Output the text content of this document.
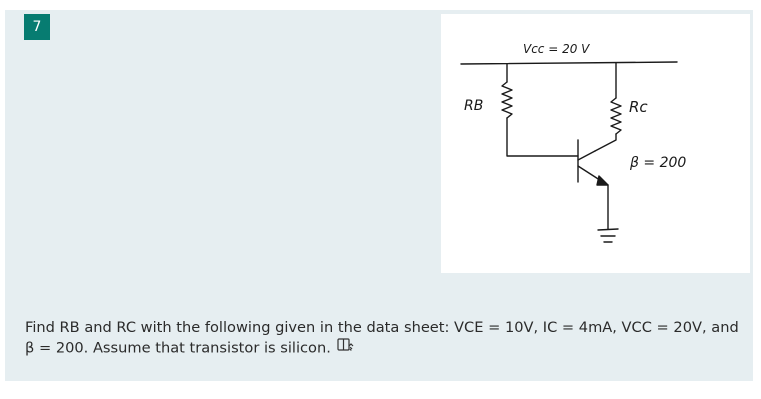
7
Vcc = 20 V
RB	Rc
β = 200
Find RB and RC with the following given in the data sheet: VCE = 10V, IC = 4mA, VCC = 20V, and β = 200. Assume that transistor is silicon.
